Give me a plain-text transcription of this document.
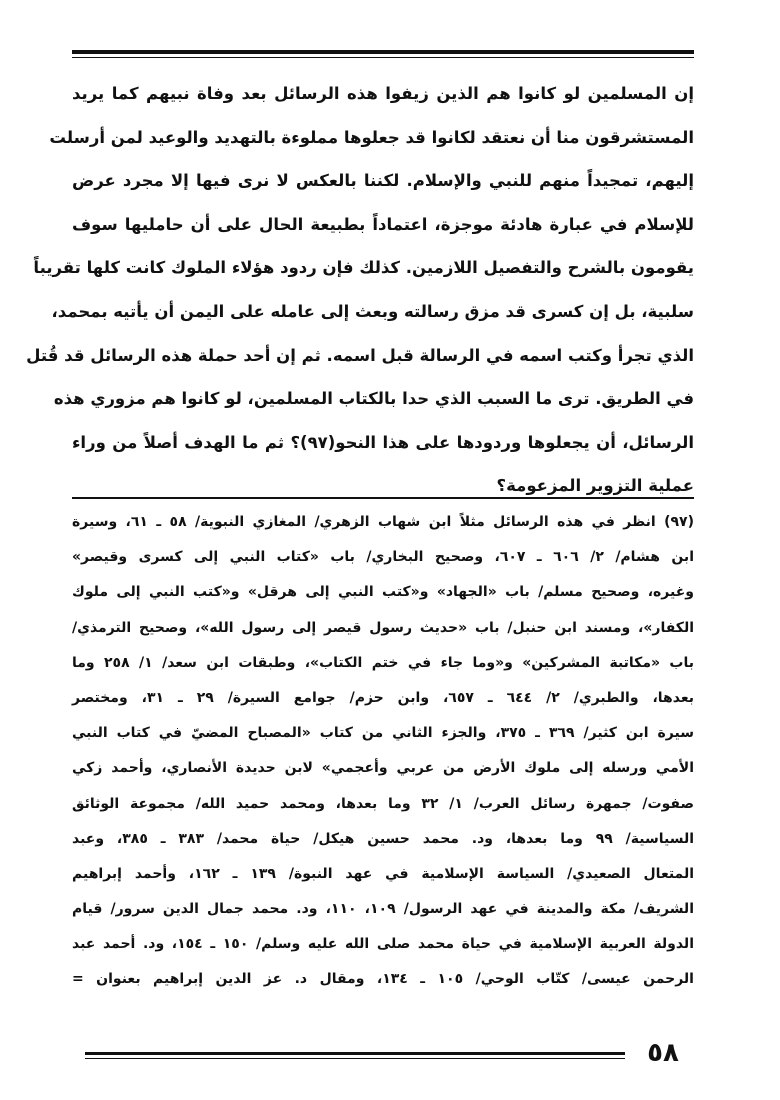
إن المسلمين لو كانوا هم الذين زيفوا هذه الرسائل بعد وفاة نبيهم كما يريد
المستشرقون منا أن نعتقد لكانوا قد جعلوها مملوءة بالتهديد والوعيد لمن أرسلت
إليهم، تمجيداً منهم للنبي والإسلام. لكننا بالعكس لا نرى فيها إلا مجرد عرض
للإسلام في عبارة هادئة موجزة، اعتماداً بطبيعة الحال على أن حامليها سوف
يقومون بالشرح والتفصيل اللازمين. كذلك فإن ردود هؤلاء الملوك كانت كلها تقريباً
سلبية، بل إن كسرى قد مزق رسالته وبعث إلى عامله على اليمن أن يأتيه بمحمد،
الذي تجرأ وكتب اسمه في الرسالة قبل اسمه. ثم إن أحد حملة هذه الرسائل قد قُتل
في الطريق. ترى ما السبب الذي حدا بالكتاب المسلمين، لو كانوا هم مزوري هذه
الرسائل، أن يجعلوها وردودها على هذا النحو(٩٧)؟ ثم ما الهدف أصلاً من وراء
عملية التزوير المزعومة؟
(٩٧) انظر في هذه الرسائل مثلاً ابن شهاب الزهري/ المغازي النبوية/ ٥٨ ـ ٦١، وسيرة
ابن هشام/ ٢/ ٦٠٦ ـ ٦٠٧، وصحيح البخاري/ باب «كتاب النبي إلى كسرى وقيصر»
وغيره، وصحيح مسلم/ باب «الجهاد» و«كتب النبي إلى هرقل» و«كتب النبي إلى ملوك
الكفار»، ومسند ابن حنبل/ باب «حديث رسول قيصر إلى رسول الله»، وصحيح الترمذي/
باب «مكاتبة المشركين» و«وما جاء في ختم الكتاب»، وطبقات ابن سعد/ ١/ ٢٥٨ وما
بعدها، والطبري/ ٢/ ٦٤٤ ـ ٦٥٧، وابن حزم/ جوامع السيرة/ ٢٩ ـ ٣١، ومختصر
سيرة ابن كثير/ ٣٦٩ ـ ٣٧٥، والجزء الثاني من كتاب «المصباح المضيّ في كتاب النبي
الأمي ورسله إلى ملوك الأرض من عربي وأعجمي» لابن حديدة الأنصاري، وأحمد زكي
صفوت/ جمهرة رسائل العرب/ ١/ ٣٢ وما بعدها، ومحمد حميد الله/ مجموعة الوثائق
السياسية/ ٩٩ وما بعدها، ود. محمد حسين هيكل/ حياة محمد/ ٣٨٣ ـ ٣٨٥، وعبد
المتعال الصعيدي/ السياسة الإسلامية في عهد النبوة/ ١٣٩ ـ ١٦٢، وأحمد إبراهيم
الشريف/ مكة والمدينة في عهد الرسول/ ١٠٩، ١١٠، ود. محمد جمال الدين سرور/ قيام
الدولة العربية الإسلامية في حياة محمد صلى الله عليه وسلم/ ١٥٠ ـ ١٥٤، ود. أحمد عبد
الرحمن عيسى/ كتّاب الوحي/ ١٠٥ ـ ١٣٤، ومقال د. عز الدين إبراهيم بعنوان =
٥٨
